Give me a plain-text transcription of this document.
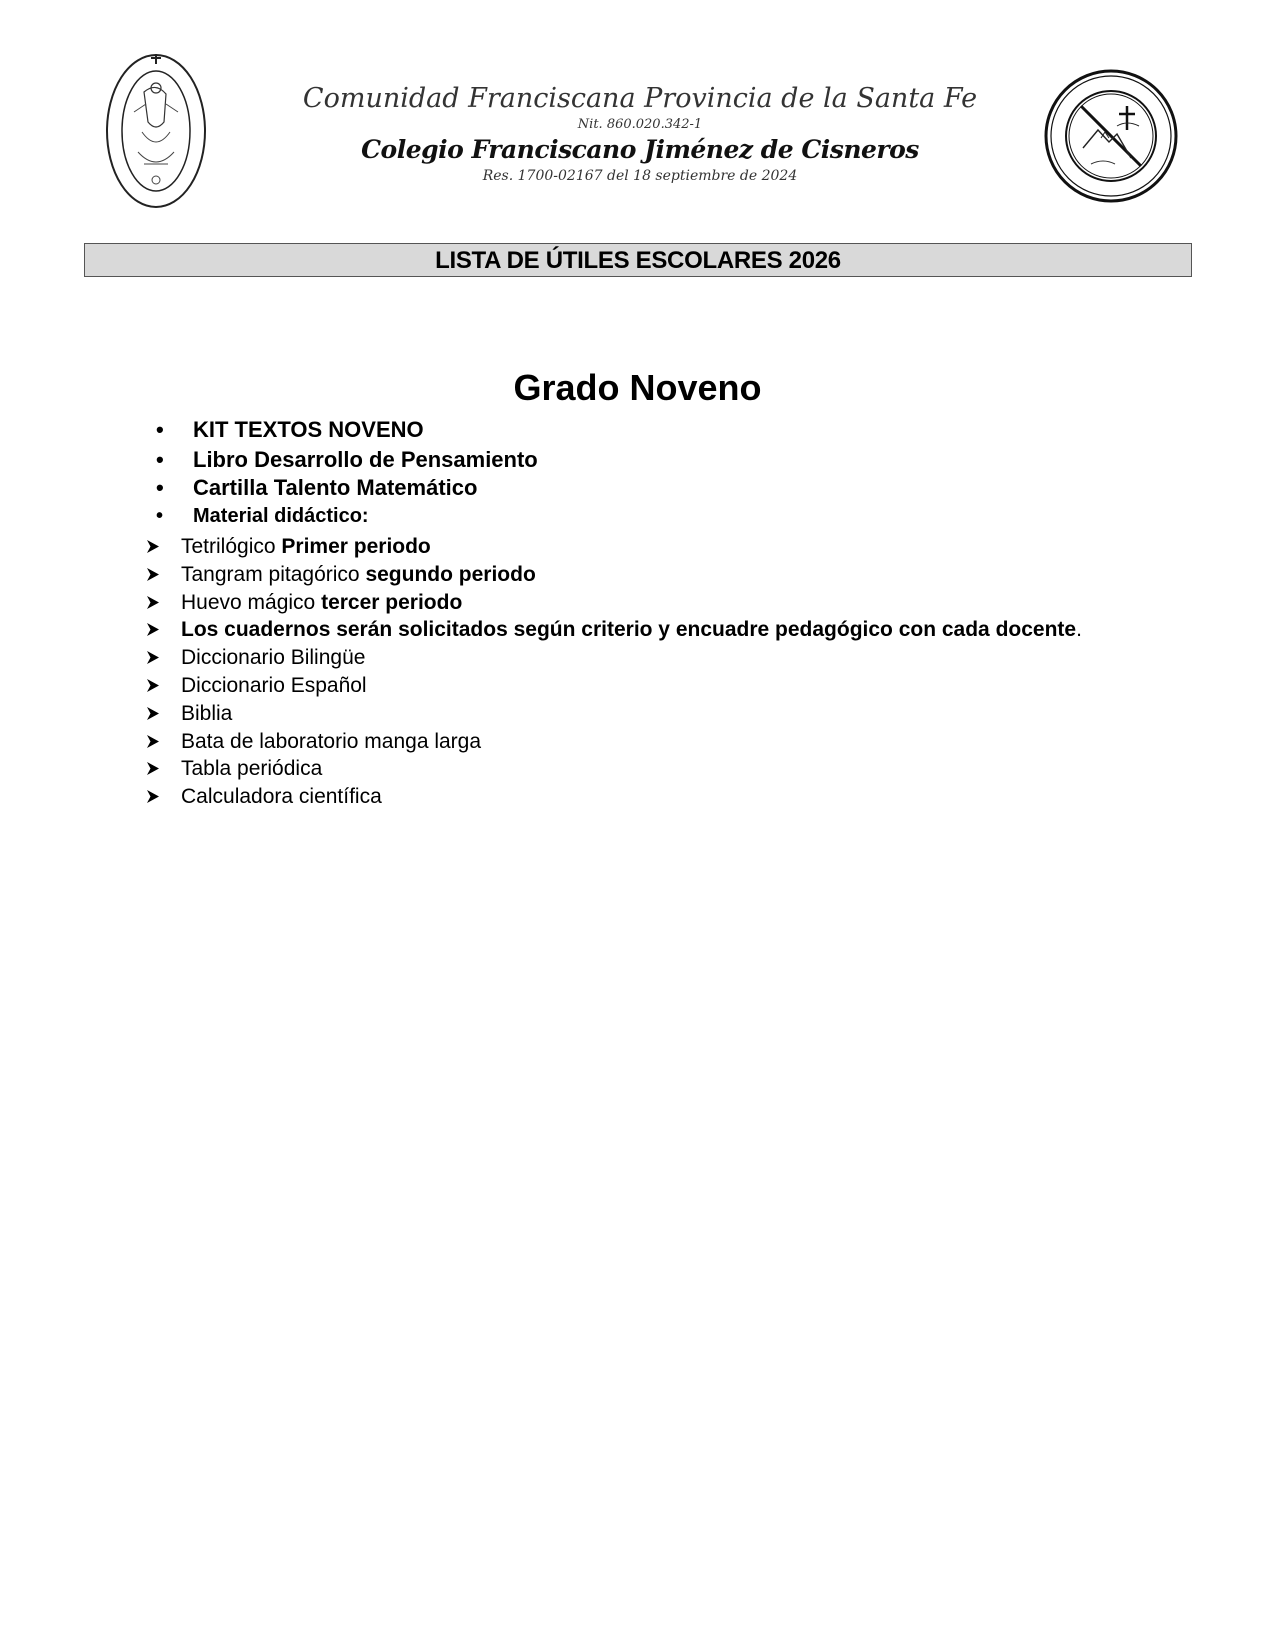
Comunidad Franciscana Provincia de la Santa Fe
Nit. 860.020.342-1
Colegio Franciscano Jiménez de Cisneros
Res. 1700-02167 del 18 septiembre de 2024
LISTA DE ÚTILES ESCOLARES 2026
Grado Noveno
• KIT TEXTOS NOVENO
• Libro Desarrollo de Pensamiento
• Cartilla Talento Matemático
• Material didáctico:
Tetrilógico Primer periodo
Tangram pitagórico segundo periodo
Huevo mágico tercer periodo
Los cuadernos serán solicitados según criterio y encuadre pedagógico con cada docente.
Diccionario Bilingüe
Diccionario Español
Biblia
Bata de laboratorio manga larga
Tabla periódica
Calculadora científica
